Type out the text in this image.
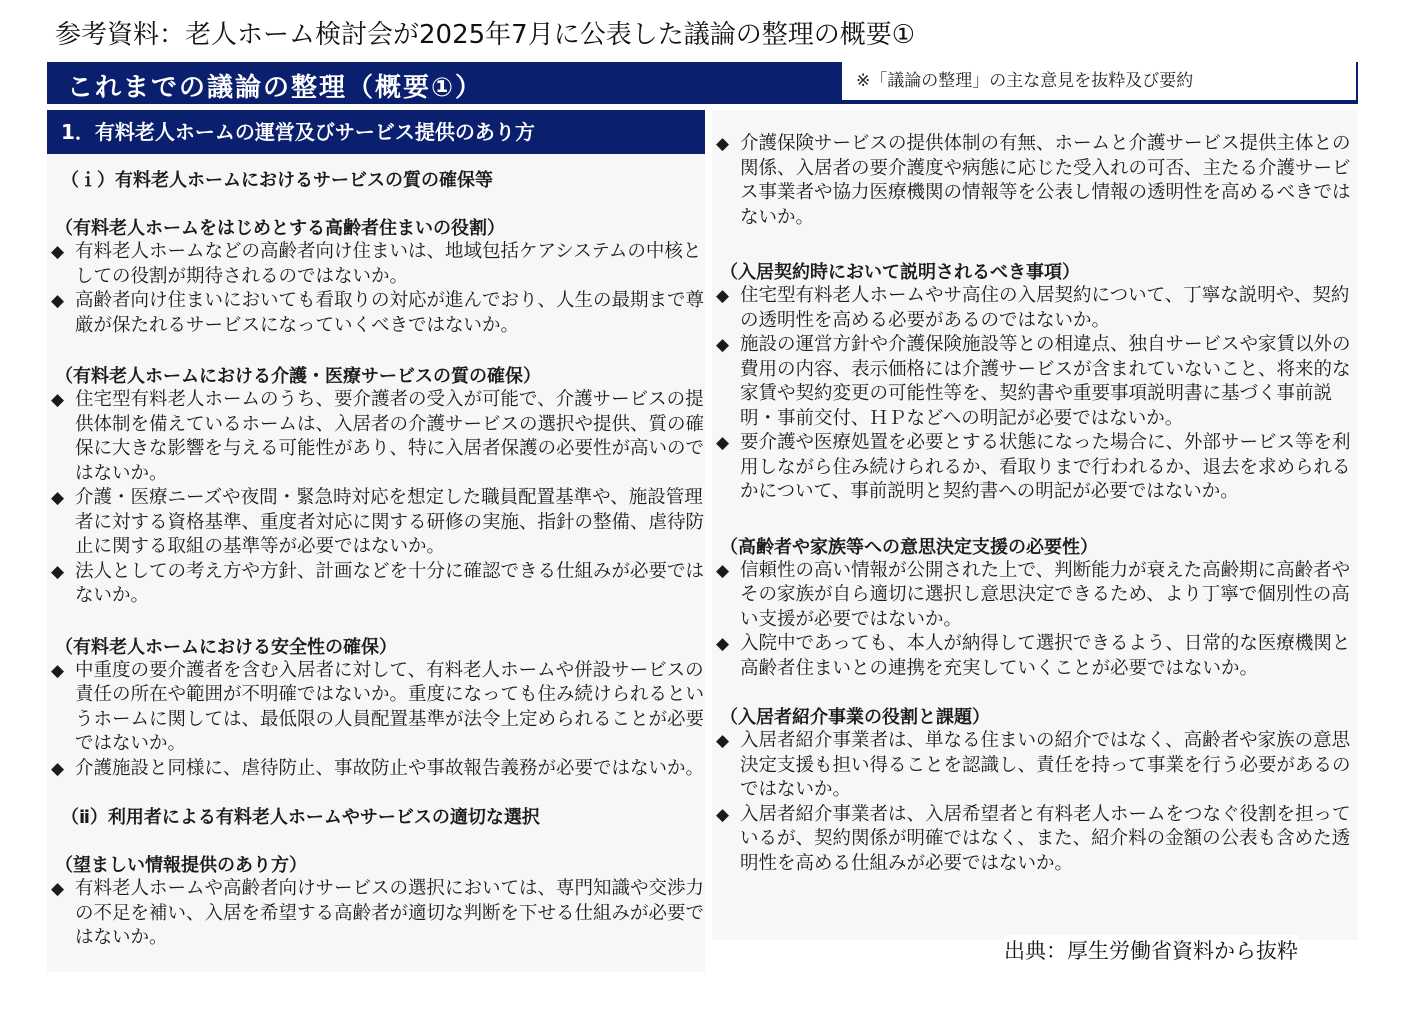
参考資料：老人ホーム検討会が2025年7月に公表した議論の整理の概要①
これまでの議論の整理（概要①）	※「議論の整理」の主な意見を抜粋及び要約
1．有料老人ホームの運営及びサービス提供のあり方
（ｉ）有料老人ホームにおけるサービスの質の確保等
（有料老人ホームをはじめとする高齢者住まいの役割）
◆ 有料老人ホームなどの高齢者向け住まいは、地域包括ケアシステムの中核としての役割が期待されるのではないか。
◆ 高齢者向け住まいにおいても看取りの対応が進んでおり、人生の最期まで尊厳が保たれるサービスになっていくべきではないか。
（有料老人ホームにおける介護・医療サービスの質の確保）
◆ 住宅型有料老人ホームのうち、要介護者の受入が可能で、介護サービスの提供体制を備えているホームは、入居者の介護サービスの選択や提供、質の確保に大きな影響を与える可能性があり、特に入居者保護の必要性が高いのではないか。
◆ 介護・医療ニーズや夜間・緊急時対応を想定した職員配置基準や、施設管理者に対する資格基準、重度者対応に関する研修の実施、指針の整備、虐待防止に関する取組の基準等が必要ではないか。
◆ 法人としての考え方や方針、計画などを十分に確認できる仕組みが必要ではないか。
（有料老人ホームにおける安全性の確保）
◆ 中重度の要介護者を含む入居者に対して、有料老人ホームや併設サービスの責任の所在や範囲が不明確ではないか。重度になっても住み続けられるというホームに関しては、最低限の人員配置基準が法令上定められることが必要ではないか。
◆ 介護施設と同様に、虐待防止、事故防止や事故報告義務が必要ではないか。
（ⅱ）利用者による有料老人ホームやサービスの適切な選択
（望ましい情報提供のあり方）
◆ 有料老人ホームや高齢者向けサービスの選択においては、専門知識や交渉力の不足を補い、入居を希望する高齢者が適切な判断を下せる仕組みが必要ではないか。
◆ 介護保険サービスの提供体制の有無、ホームと介護サービス提供主体との関係、入居者の要介護度や病態に応じた受入れの可否、主たる介護サービス事業者や協力医療機関の情報等を公表し情報の透明性を高めるべきではないか。
（入居契約時において説明されるべき事項）
◆ 住宅型有料老人ホームやサ高住の入居契約について、丁寧な説明や、契約の透明性を高める必要があるのではないか。
◆ 施設の運営方針や介護保険施設等との相違点、独自サービスや家賃以外の費用の内容、表示価格には介護サービスが含まれていないこと、将来的な家賃や契約変更の可能性等を、契約書や重要事項説明書に基づく事前説明・事前交付、ＨＰなどへの明記が必要ではないか。
◆ 要介護や医療処置を必要とする状態になった場合に、外部サービス等を利用しながら住み続けられるか、看取りまで行われるか、退去を求められるかについて、事前説明と契約書への明記が必要ではないか。
（高齢者や家族等への意思決定支援の必要性）
◆ 信頼性の高い情報が公開された上で、判断能力が衰えた高齢期に高齢者やその家族が自ら適切に選択し意思決定できるため、より丁寧で個別性の高い支援が必要ではないか。
◆ 入院中であっても、本人が納得して選択できるよう、日常的な医療機関と高齢者住まいとの連携を充実していくことが必要ではないか。
（入居者紹介事業の役割と課題）
◆ 入居者紹介事業者は、単なる住まいの紹介ではなく、高齢者や家族の意思決定支援も担い得ることを認識し、責任を持って事業を行う必要があるのではないか。
◆ 入居者紹介事業者は、入居希望者と有料老人ホームをつなぐ役割を担っているが、契約関係が明確ではなく、また、紹介料の金額の公表も含めた透明性を高める仕組みが必要ではないか。
出典：厚生労働省資料から抜粋
